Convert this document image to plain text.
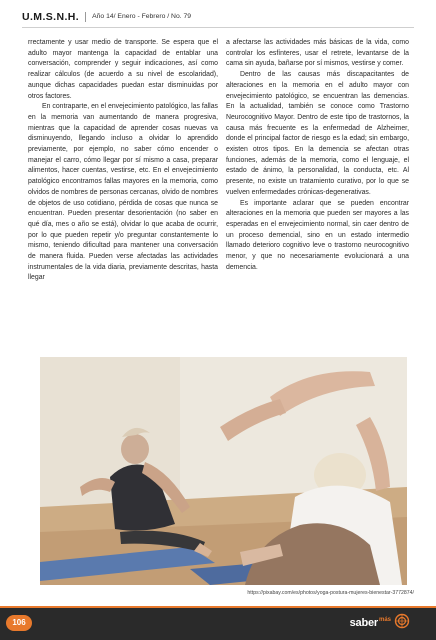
U.M.S.N.H.	Año 14/ Enero - Febrero / No. 79

rrectamente y usar medio de transporte. Se espera que el adulto mayor mantenga la capacidad de entablar una conversación, comprender y seguir indicaciones, así como realizar cálculos (de acuerdo a su nivel de escolaridad), aunque dichas capacidades puedan estar disminuidas por otros factores.

En contraparte, en el envejecimiento patológico, las fallas en la memoria van aumentando de manera progresiva, mientras que la capacidad de aprender cosas nuevas va disminuyendo, llegando incluso a olvidar lo aprendido previamente, por ejemplo, no saber cómo encender o manejar el carro, cómo llegar por sí mismo a casa, preparar alimentos, hacer cuentas, vestirse, etc. En el envejecimiento patológico encontramos fallas mayores en la memoria, como olvidos de nombres de personas cercanas, olvido de nombres de objetos de uso cotidiano, pérdida de cosas que nunca se encuentran. Pueden presentar desorientación (no saber en qué día, mes o año se está), olvidar lo que acaba de ocurrir, por lo que pueden repetir y/o preguntar constantemente lo mismo, teniendo dificultad para mantener una conversación de manera fluida. Pueden verse afectadas las actividades instrumentales de la vida diaria, previamente descritas, hasta llegar

a afectarse las actividades más básicas de la vida, como controlar los esfínteres, usar el retrete, levantarse de la cama sin ayuda, bañarse por sí mismos, vestirse y comer.

Dentro de las causas más discapacitantes de alteraciones en la memoria en el adulto mayor con envejecimiento patológico, se encuentran las demencias. En la actualidad, también se conoce como Trastorno Neurocognitivo Mayor. Dentro de este tipo de trastornos, la causa más frecuente es la enfermedad de Alzheimer, donde el principal factor de riesgo es la edad; sin embargo, existen otros tipos. En la demencia se afectan otras funciones, además de la memoria, como el lenguaje, el estado de ánimo, la personalidad, la conducta, etc. Al presente, no existe un tratamiento curativo, por lo que se vuelven enfermedades crónicas-degenerativas.

Es importante aclarar que se pueden encontrar alteraciones en la memoria que pueden ser mayores a las esperadas en el envejecimiento normal, sin caer dentro de un proceso demencial, sino en un estado intermedio llamado deterioro cognitivo leve o trastorno neurocognitivo menor, y que no necesariamente evolucionará a una demencia.

https://pixabay.com/es/photos/yoga-postura-mujeres-bienestar-3772874/
106	saber más
